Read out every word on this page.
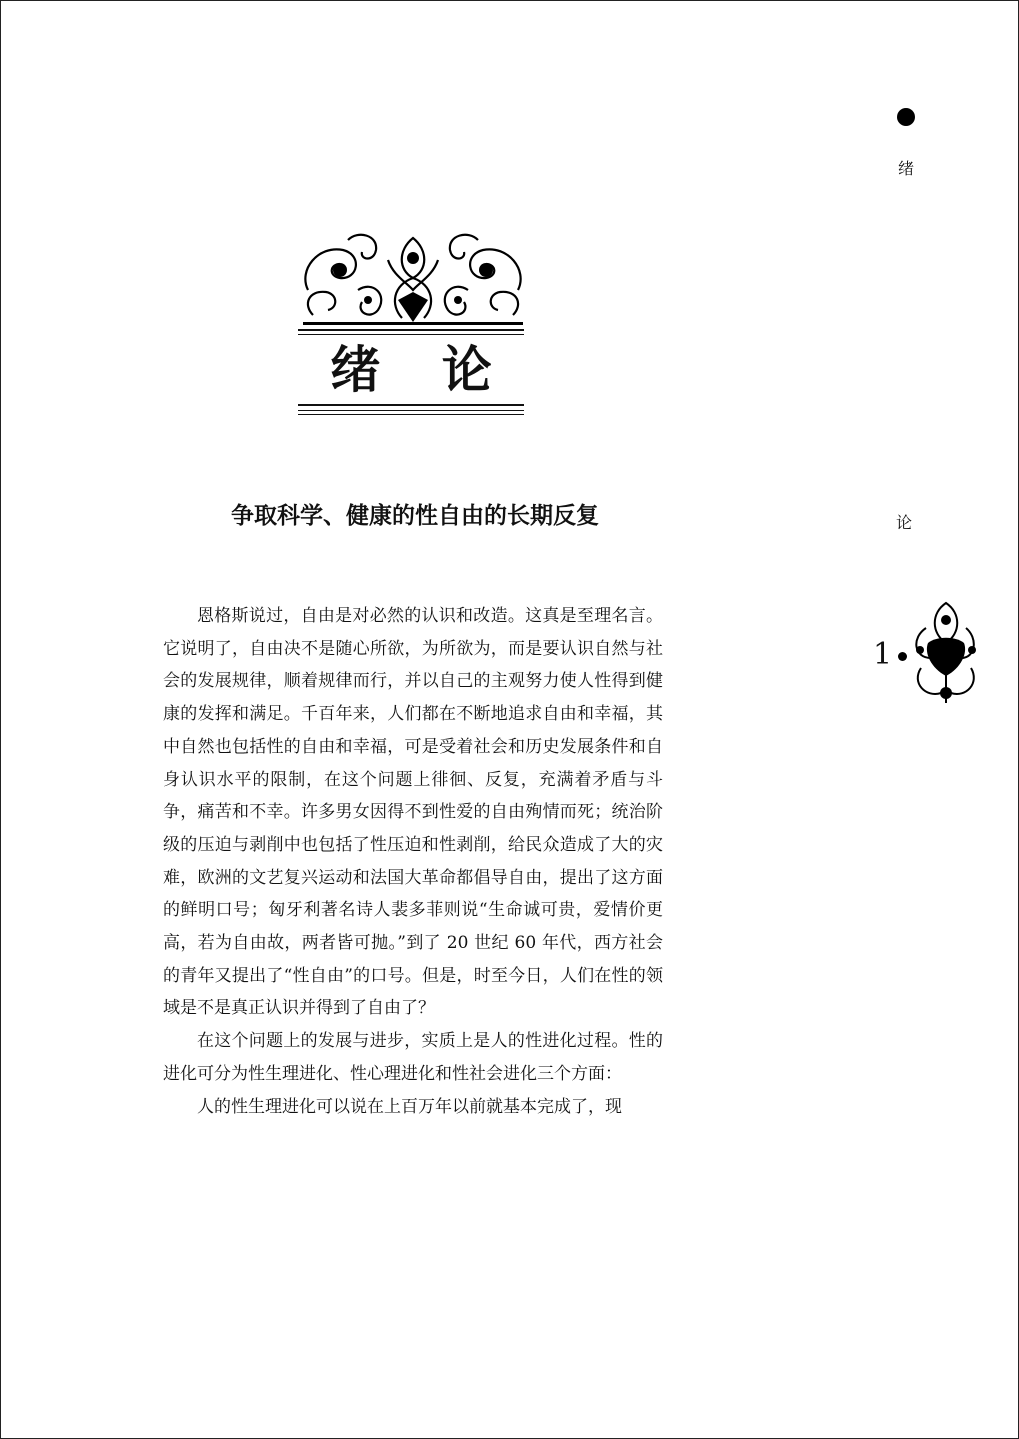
绪 论
争取科学、健康的性自由的长期反复

恩格斯说过，自由是对必然的认识和改造。这真是至理名言。它说明了，自由决不是随心所欲，为所欲为，而是要认识自然与社会的发展规律，顺着规律而行，并以自己的主观努力使人性得到健康的发挥和满足。千百年来，人们都在不断地追求自由和幸福，其中自然也包括性的自由和幸福，可是受着社会和历史发展条件和自身认识水平的限制，在这个问题上徘徊、反复，充满着矛盾与斗争，痛苦和不幸。许多男女因得不到性爱的自由殉情而死；统治阶级的压迫与剥削中也包括了性压迫和性剥削，给民众造成了大的灾难，欧洲的文艺复兴运动和法国大革命都倡导自由，提出了这方面的鲜明口号；匈牙利著名诗人裴多菲则说“生命诚可贵，爱情价更高，若为自由故，两者皆可抛。”到了 20 世纪 60 年代，西方社会的青年又提出了“性自由”的口号。但是，时至今日，人们在性的领域是不是真正认识并得到了自由了？

在这个问题上的发展与进步，实质上是人的性进化过程。性的进化可分为性生理进化、性心理进化和性社会进化三个方面：

人的性生理进化可以说在上百万年以前就基本完成了，现

绪
论
1
